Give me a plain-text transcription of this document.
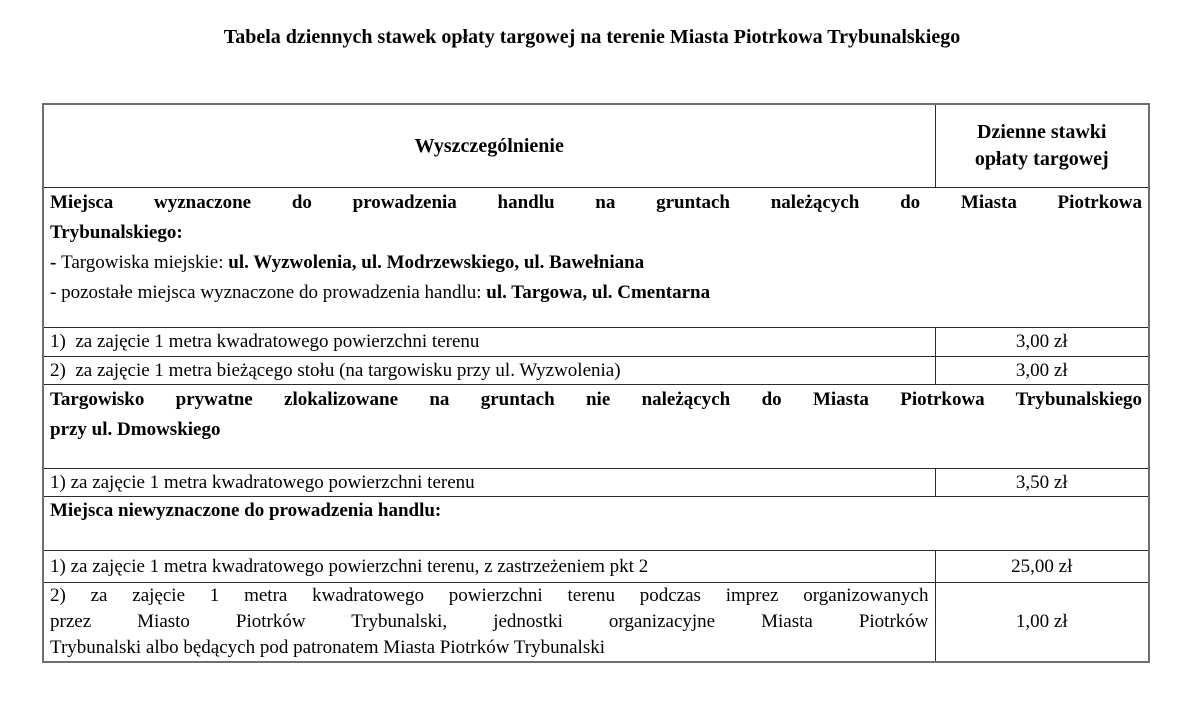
Tabela dziennych stawek opłaty targowej na terenie Miasta Piotrkowa Trybunalskiego
Wyszczególnienie	Dzienne stawki
opłaty targowej

Miejsca wyznaczone do prowadzenia handlu na gruntach należących do Miasta Piotrkowa
Trybunalskiego:
- Targowiska miejskie: ul. Wyzwolenia, ul. Modrzewskiego, ul. Bawełniana
- pozostałe miejsca wyznaczone do prowadzenia handlu: ul. Targowa, ul. Cmentarna	

1)  za zajęcie 1 metra kwadratowego powierzchni terenu	3,00 zł
2)  za zajęcie 1 metra bieżącego stołu (na targowisku przy ul. Wyzwolenia)	3,00 zł

Targowisko prywatne zlokalizowane na gruntach nie należących do Miasta Piotrkowa Trybunalskiego
przy ul. Dmowskiego	

1) za zajęcie 1 metra kwadratowego powierzchni terenu	3,50 zł

Miejsca niewyznaczone do prowadzenia handlu:	

1) za zajęcie 1 metra kwadratowego powierzchni terenu, z zastrzeżeniem pkt 2	25,00 zł

2) za zajęcie 1 metra kwadratowego powierzchni terenu podczas imprez organizowanych
przez Miasto Piotrków Trybunalski, jednostki organizacyjne Miasta Piotrków
Trybunalski albo będących pod patronatem Miasta Piotrków Trybunalski	1,00 zł
